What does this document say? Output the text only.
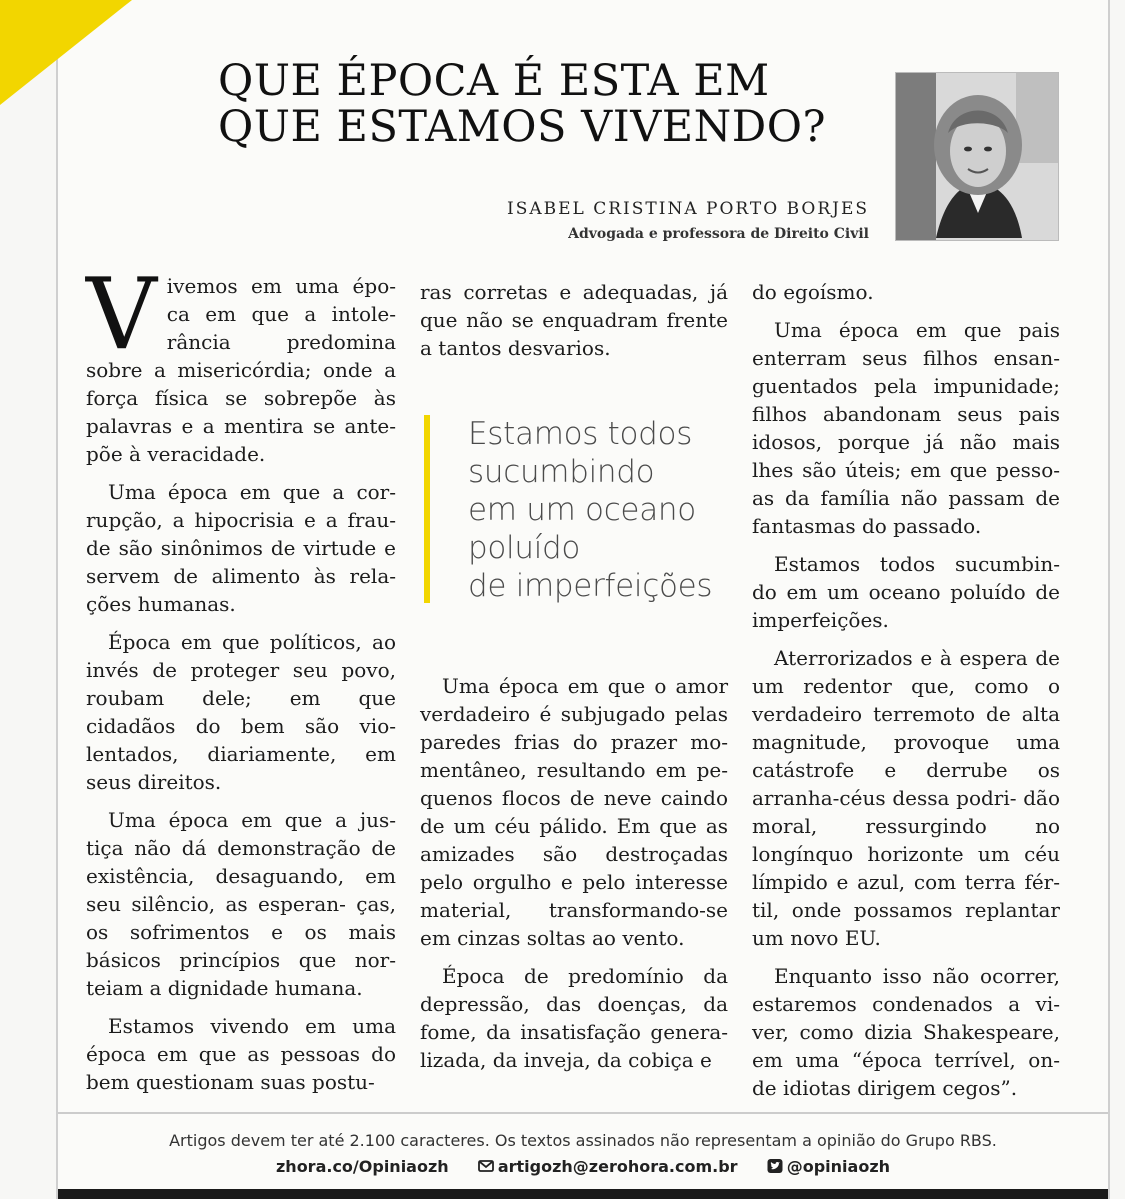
QUE ÉPOCA É ESTA EM
QUE ESTAMOS VIVENDO?
ISABEL CRISTINA PORTO BORJES
Advogada e professora de Direito Civil

Vivemos em uma épo- ca em que a intole- rância predomina sobre a misericórdia; onde a força física se sobrepõe às palavras e a mentira se ante- põe à veracidade.

Uma época em que a cor- rupção, a hipocrisia e a frau- de são sinônimos de virtude e servem de alimento às rela- ções humanas.

Época em que políticos, ao invés de proteger seu povo, roubam dele; em que cidadãos do bem são vio- lentados, diariamente, em seus direitos.

Uma época em que a jus- tiça não dá demonstração de existência, desaguando, em seu silêncio, as esperan- ças, os sofrimentos e os mais básicos princípios que nor- teiam a dignidade humana.

Estamos vivendo em uma época em que as pessoas do bem questionam suas postu-

ras corretas e adequadas, já que não se enquadram frente a tantos desvarios.

Estamos todos
sucumbindo
em um oceano
poluído
de imperfeições

Uma época em que o amor verdadeiro é subjugado pelas paredes frias do prazer mo- mentâneo, resultando em pe- quenos flocos de neve caindo de um céu pálido. Em que as amizades são destroçadas pelo orgulho e pelo interesse material, transformando-se em cinzas soltas ao vento.

Época de predomínio da depressão, das doenças, da fome, da insatisfação genera- lizada, da inveja, da cobiça e

do egoísmo.

Uma época em que pais enterram seus filhos ensan- guentados pela impunidade; filhos abandonam seus pais idosos, porque já não mais lhes são úteis; em que pesso- as da família não passam de fantasmas do passado.

Estamos todos sucumbin- do em um oceano poluído de imperfeições.

Aterrorizados e à espera de um redentor que, como o verdadeiro terremoto de alta magnitude, provoque uma catástrofe e derrube os arranha-céus dessa podri- dão moral, ressurgindo no longínquo horizonte um céu límpido e azul, com terra fér- til, onde possamos replantar um novo EU.

Enquanto isso não ocorrer, estaremos condenados a vi- ver, como dizia Shakespeare, em uma “época terrível, on- de idiotas dirigem cegos”.

Artigos devem ter até 2.100 caracteres. Os textos assinados não representam a opinião do Grupo RBS.
zhora.co/Opiniaozh	artigozh@zerohora.com.br	@opiniaozh
